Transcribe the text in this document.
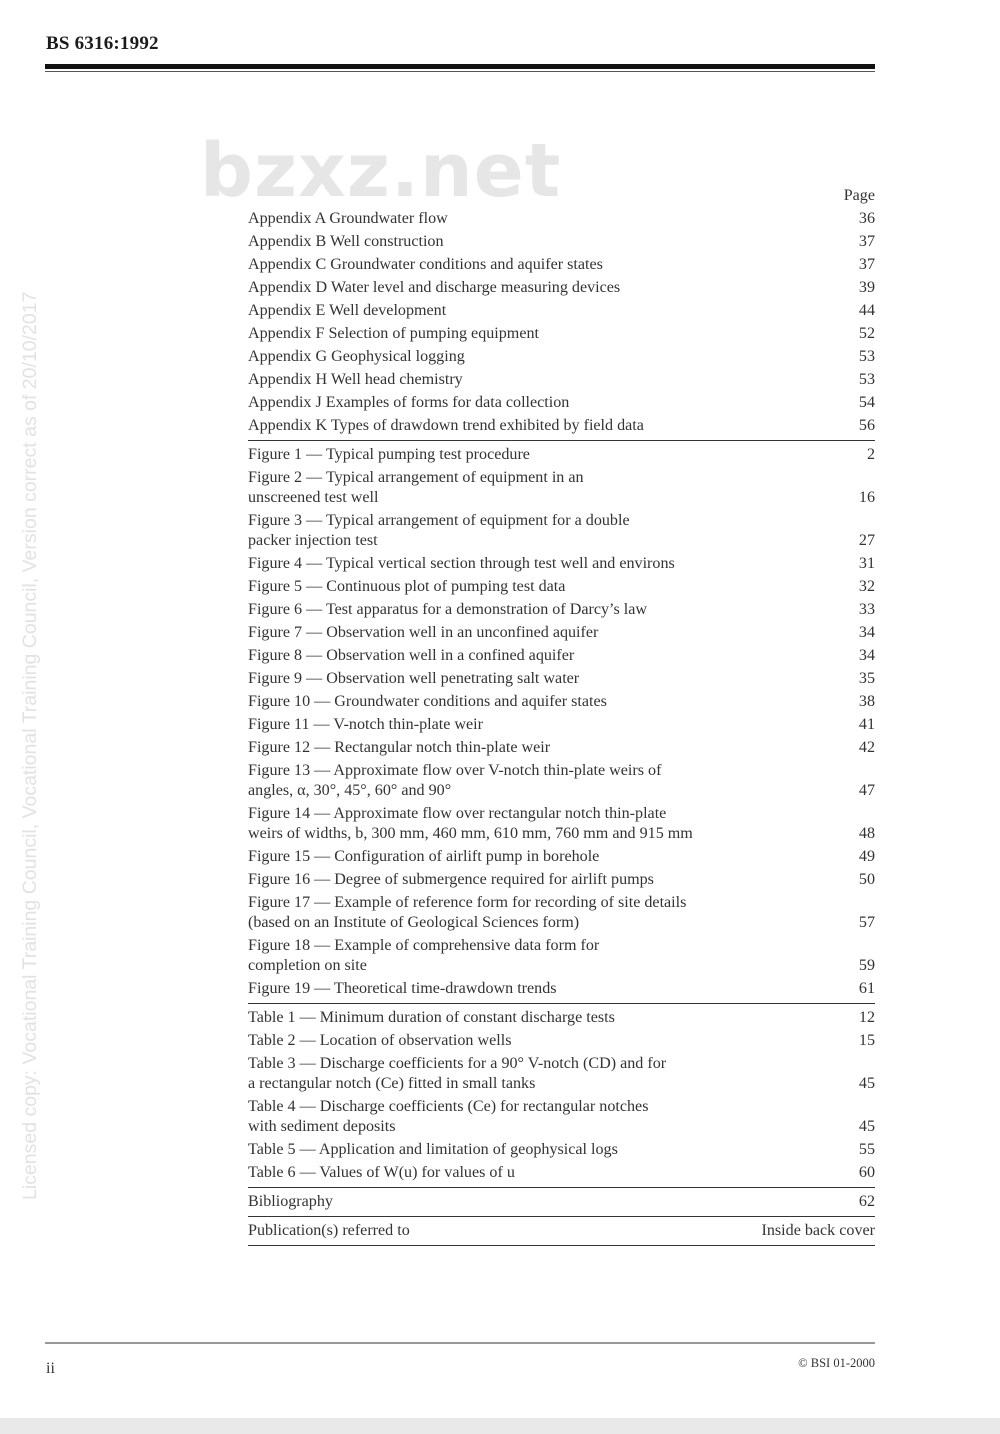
BS 6316:1992
bzxz.net
Licensed copy: Vocational Training Council, Vocational Training Council, Version correct as of 20/10/2017
Page
Appendix A Groundwater flow	36
Appendix B Well construction	37
Appendix C Groundwater conditions and aquifer states	37
Appendix D Water level and discharge measuring devices	39
Appendix E Well development	44
Appendix F Selection of pumping equipment	52
Appendix G Geophysical logging	53
Appendix H Well head chemistry	53
Appendix J Examples of forms for data collection	54
Appendix K Types of drawdown trend exhibited by field data	56
Figure 1 — Typical pumping test procedure	2
Figure 2 — Typical arrangement of equipment in an
unscreened test well	16
Figure 3 — Typical arrangement of equipment for a double
packer injection test	27
Figure 4 — Typical vertical section through test well and environs	31
Figure 5 — Continuous plot of pumping test data	32
Figure 6 — Test apparatus for a demonstration of Darcy’s law	33
Figure 7 — Observation well in an unconfined aquifer	34
Figure 8 — Observation well in a confined aquifer	34
Figure 9 — Observation well penetrating salt water	35
Figure 10 — Groundwater conditions and aquifer states	38
Figure 11 — V-notch thin-plate weir	41
Figure 12 — Rectangular notch thin-plate weir	42
Figure 13 — Approximate flow over V-notch thin-plate weirs of
angles, α, 30°, 45°, 60° and 90°	47
Figure 14 — Approximate flow over rectangular notch thin-plate
weirs of widths, b, 300 mm, 460 mm, 610 mm, 760 mm and 915 mm	48
Figure 15 — Configuration of airlift pump in borehole	49
Figure 16 — Degree of submergence required for airlift pumps	50
Figure 17 — Example of reference form for recording of site details
(based on an Institute of Geological Sciences form)	57
Figure 18 — Example of comprehensive data form for
completion on site	59
Figure 19 — Theoretical time-drawdown trends	61
Table 1 — Minimum duration of constant discharge tests	12
Table 2 — Location of observation wells	15
Table 3 — Discharge coefficients for a 90° V-notch (CD) and for
a rectangular notch (Ce) fitted in small tanks	45
Table 4 — Discharge coefficients (Ce) for rectangular notches
with sediment deposits	45
Table 5 — Application and limitation of geophysical logs	55
Table 6 — Values of W(u) for values of u	60
Bibliography	62
Publication(s) referred to	Inside back cover
ii	© BSI 01-2000
